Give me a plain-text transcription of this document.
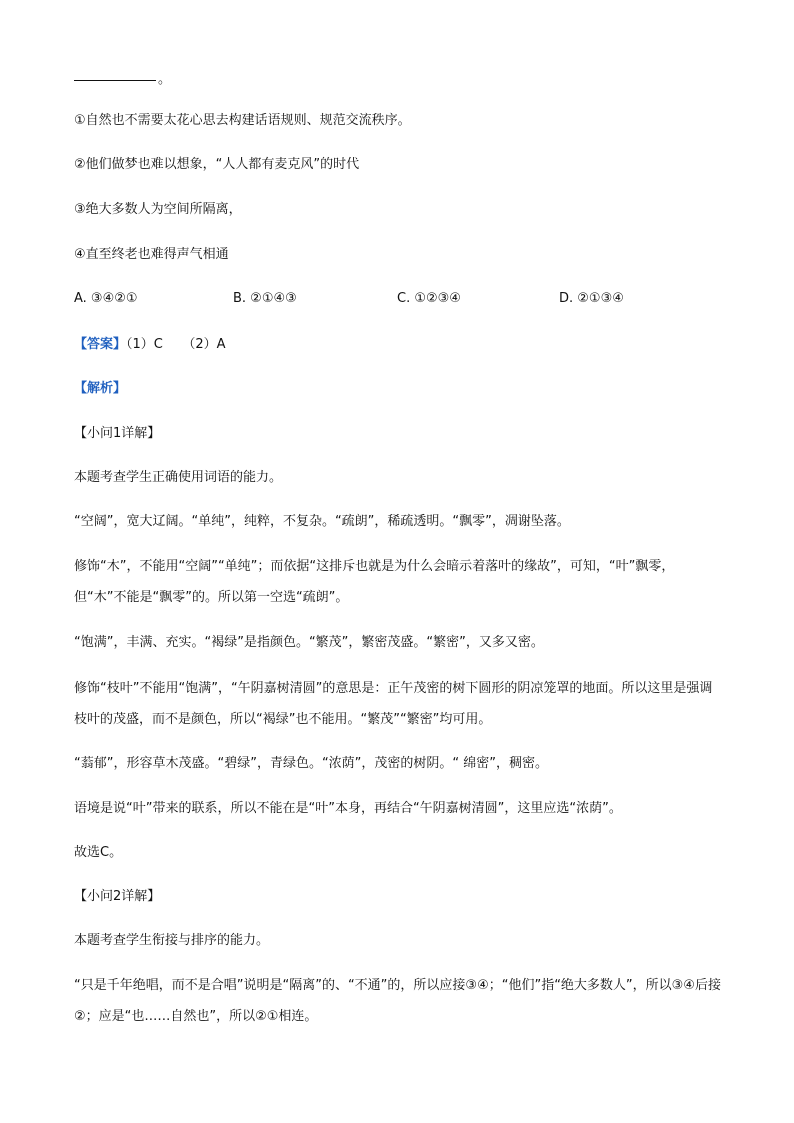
。
①自然也不需要太花心思去构建话语规则、规范交流秩序。
②他们做梦也难以想象，“人人都有麦克风”的时代
③绝大多数人为空间所隔离，
④直至终老也难得声气相通
A. ③④②①	B. ②①④③	C. ①②③④	D. ②①③④
【答案】（1）C　　（2）A
【解析】
【小问1详解】
本题考查学生正确使用词语的能力。
“空阔”，宽大辽阔。“单纯”，纯粹，不复杂。“疏朗”，稀疏透明。“飘零”，凋谢坠落。
修饰“木”，不能用“空阔”“单纯”；而依据“这排斥也就是为什么会暗示着落叶的缘故”，可知，“叶”飘零，但“木”不能是“飘零”的。所以第一空选“疏朗”。
“饱满”，丰满、充实。“褐绿”是指颜色。“繁茂”，繁密茂盛。“繁密”，又多又密。
修饰“枝叶”不能用“饱满”，“午阴嘉树清圆”的意思是：正午茂密的树下圆形的阴凉笼罩的地面。所以这里是强调枝叶的茂盛，而不是颜色，所以“褐绿”也不能用。“繁茂”“繁密”均可用。
“蓊郁”，形容草木茂盛。“碧绿”，青绿色。“浓荫”，茂密的树阴。“ 绵密”，稠密。
语境是说“叶”带来的联系，所以不能在是“叶”本身，再结合“午阴嘉树清圆”，这里应选“浓荫”。
故选C。
【小问2详解】
本题考查学生衔接与排序的能力。
“只是千年绝唱，而不是合唱”说明是“隔离”的、“不通”的，所以应接③④；“他们”指“绝大多数人”，所以③④后接②；应是“也……自然也”，所以②①相连。
